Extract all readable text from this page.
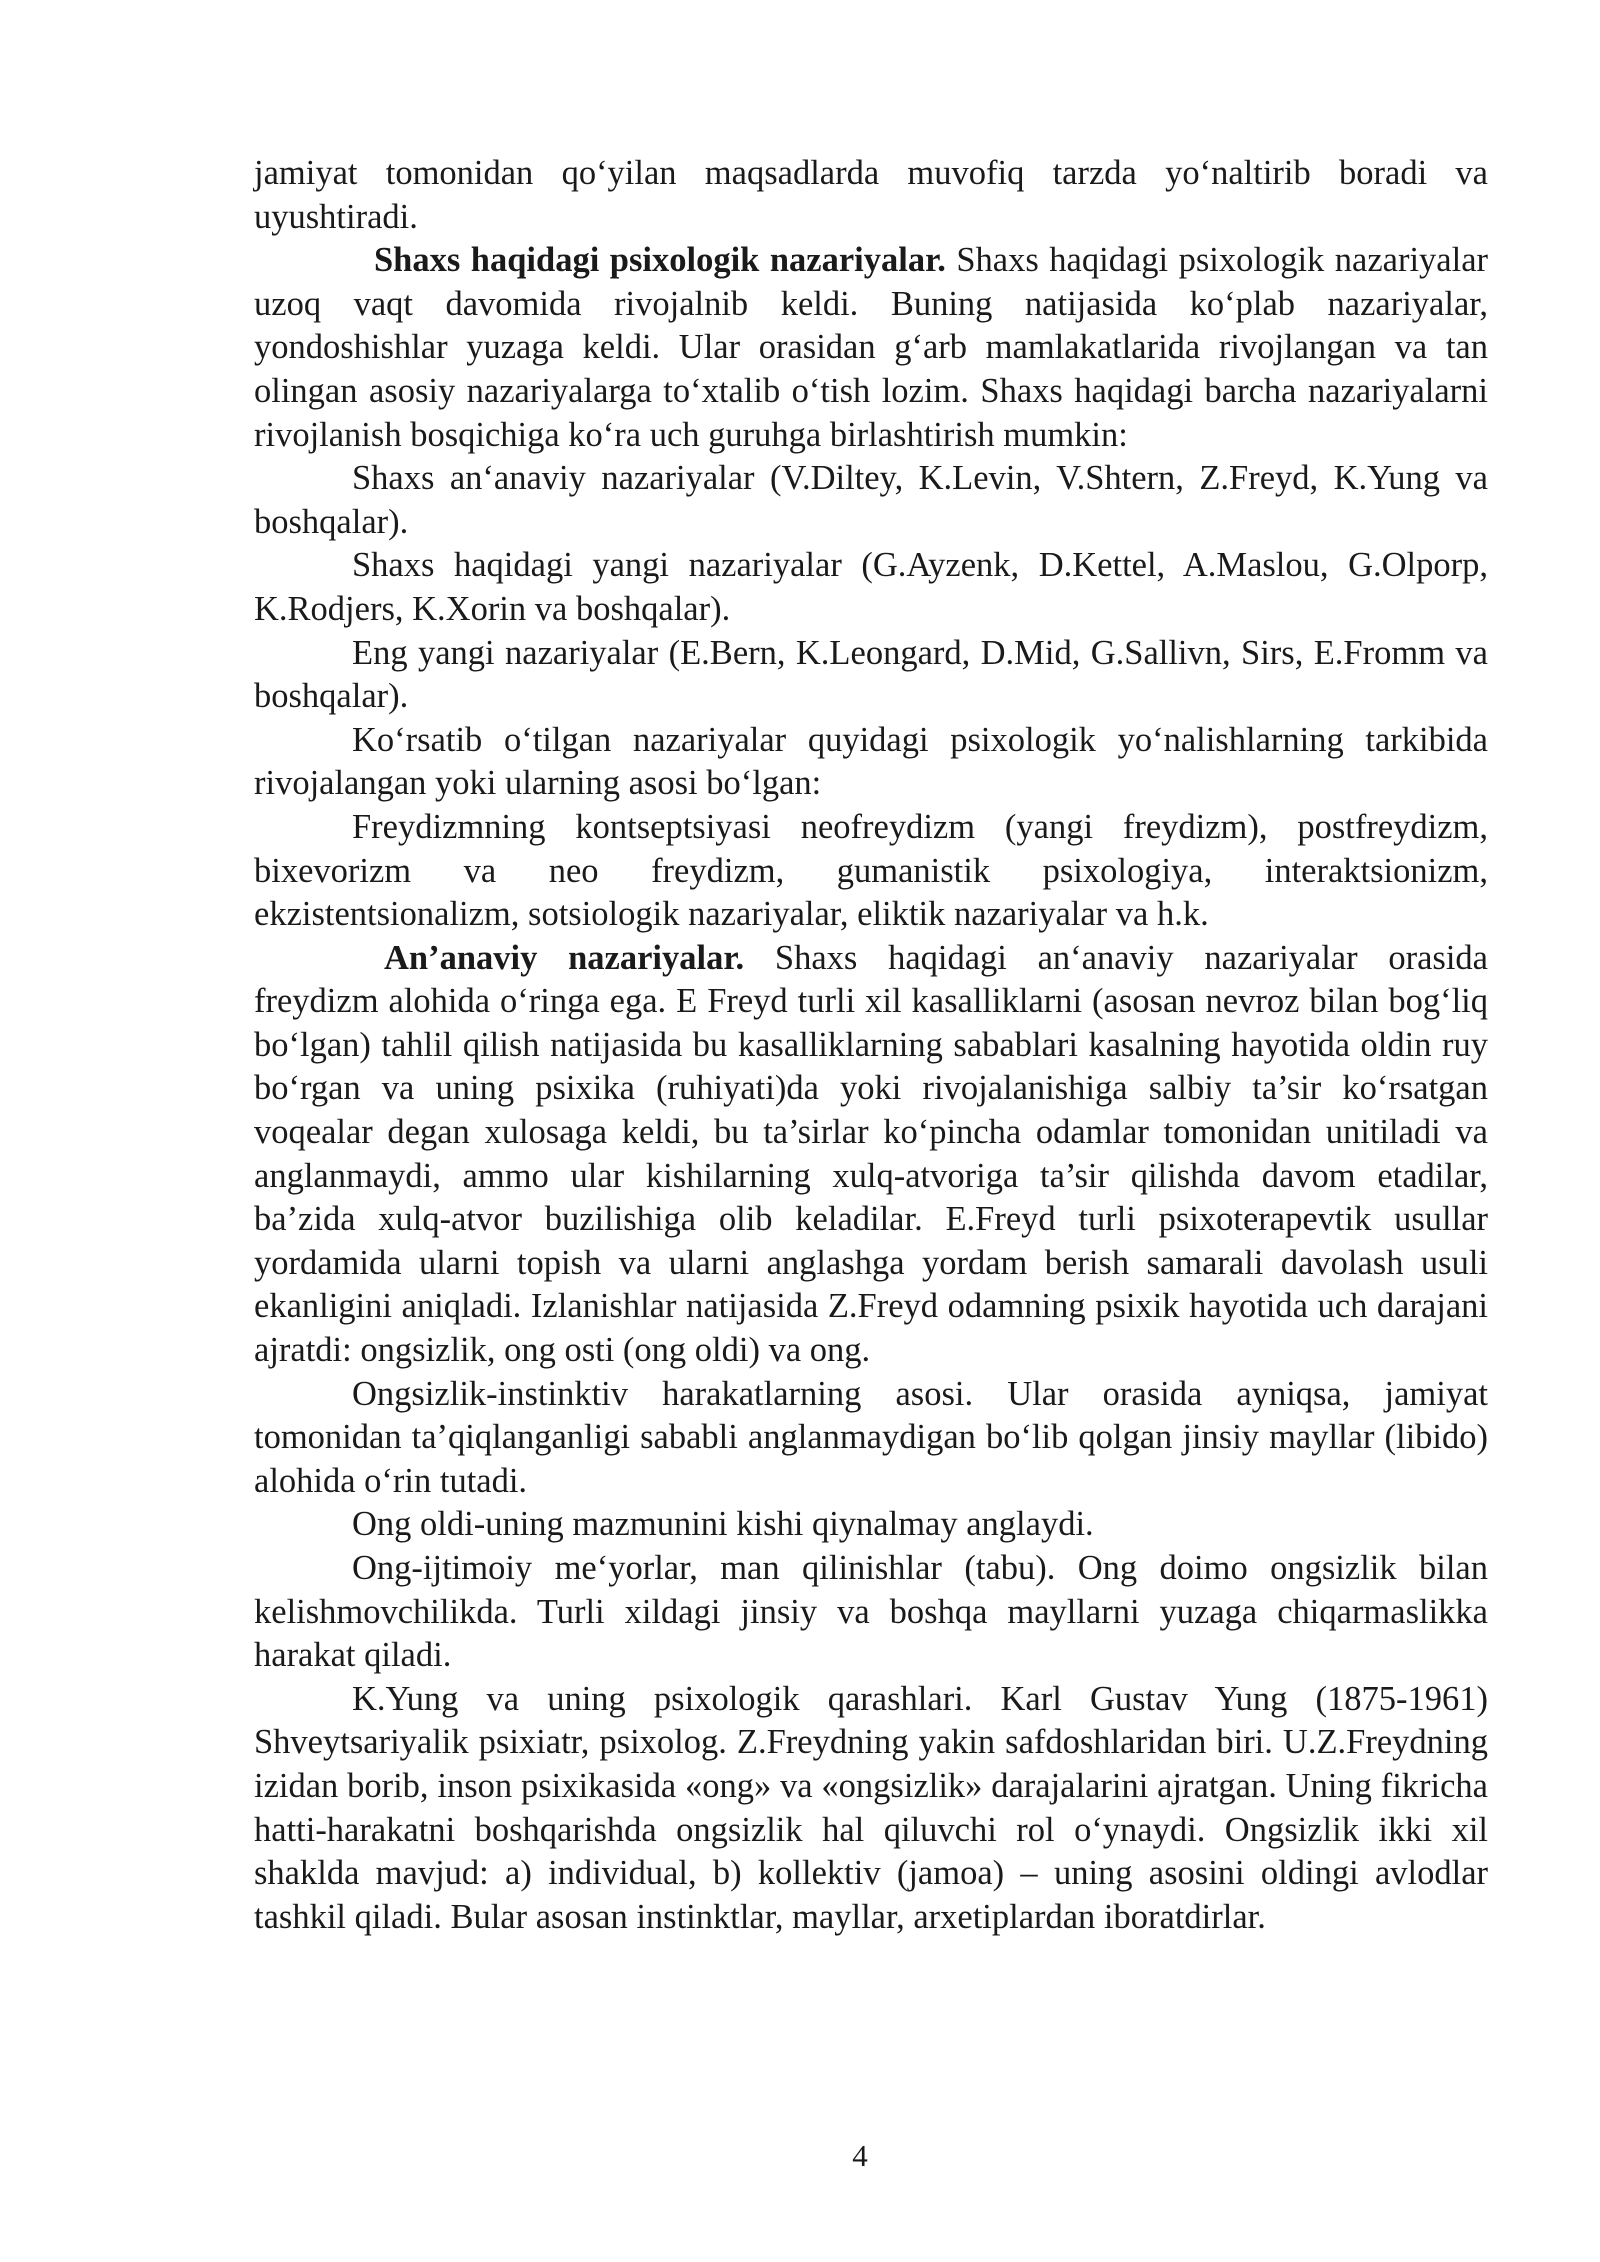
jamiyat tomonidan qo‘yilan maqsadlarda muvofiq tarzda yo‘naltirib boradi va uyushtiradi.

Shaxs haqidagi psixologik nazariyalar. Shaxs haqidagi psixologik nazariyalar uzoq vaqt davomida rivojalnib keldi. Buning natijasida ko‘plab nazariyalar, yondoshishlar yuzaga keldi. Ular orasidan g‘arb mamlakatlarida rivojlangan va tan olingan asosiy nazariyalarga to‘xtalib o‘tish lozim. Shaxs haqidagi barcha nazariyalarni rivojlanish bosqichiga ko‘ra uch guruhga birlashtirish mumkin:

Shaxs an‘anaviy nazariyalar (V.Diltey, K.Levin, V.Shtern, Z.Freyd, K.Yung va boshqalar).

Shaxs haqidagi yangi nazariyalar (G.Ayzenk, D.Kettel, A.Maslou, G.Olporp, K.Rodjers, K.Xorin va boshqalar).

Eng yangi nazariyalar (E.Bern, K.Leongard, D.Mid, G.Sallivn, Sirs, E.Fromm va boshqalar).

Ko‘rsatib o‘tilgan nazariyalar quyidagi psixologik yo‘nalishlarning tarkibida rivojalangan yoki ularning asosi bo‘lgan:

Freydizmning kontseptsiyasi neofreydizm (yangi freydizm), postfreydizm, bixevorizm va neo freydizm, gumanistik psixologiya, interaktsionizm, ekzistentsionalizm, sotsiologik nazariyalar, eliktik nazariyalar va h.k.

An’anaviy nazariyalar. Shaxs haqidagi an‘anaviy nazariyalar orasida freydizm alohida o‘ringa ega. E Freyd turli xil kasalliklarni (asosan nevroz bilan bog‘liq bo‘lgan) tahlil qilish natijasida bu kasalliklarning sabablari kasalning hayotida oldin ruy bo‘rgan va uning psixika (ruhiyati)da yoki rivojalanishiga salbiy ta’sir ko‘rsatgan voqealar degan xulosaga keldi, bu ta’sirlar ko‘pincha odamlar tomonidan unitiladi va anglanmaydi, ammo ular kishilarning xulq-atvoriga ta’sir qilishda davom etadilar, ba’zida xulq-atvor buzilishiga olib keladilar. E.Freyd turli psixoterapevtik usullar yordamida ularni topish va ularni anglashga yordam berish samarali davolash usuli ekanligini aniqladi. Izlanishlar natijasida Z.Freyd odamning psixik hayotida uch darajani ajratdi: ongsizlik, ong osti (ong oldi) va ong.

Ongsizlik-instinktiv harakatlarning asosi. Ular orasida ayniqsa, jamiyat tomonidan ta’qiqlanganligi sababli anglanmaydigan bo‘lib qolgan jinsiy mayllar (libido) alohida o‘rin tutadi.

Ong oldi-uning mazmunini kishi qiynalmay anglaydi.

Ong-ijtimoiy me‘yorlar, man qilinishlar (tabu). Ong doimo ongsizlik bilan kelishmovchilikda. Turli xildagi jinsiy va boshqa mayllarni yuzaga chiqarmaslikka harakat qiladi.

K.Yung va uning psixologik qarashlari. Karl Gustav Yung (1875-1961) Shveytsariyalik psixiatr, psixolog. Z.Freydning yakin safdoshlaridan biri. U.Z.Freydning izidan borib, inson psixikasida «ong» va «ongsizlik» darajalarini ajratgan. Uning fikricha hatti-harakatni boshqarishda ongsizlik hal qiluvchi rol o‘ynaydi. Ongsizlik ikki xil shaklda mavjud: a) individual, b) kollektiv (jamoa) – uning asosini oldingi avlodlar tashkil qiladi. Bular asosan instinktlar, mayllar, arxetiplardan iboratdirlar.

4
